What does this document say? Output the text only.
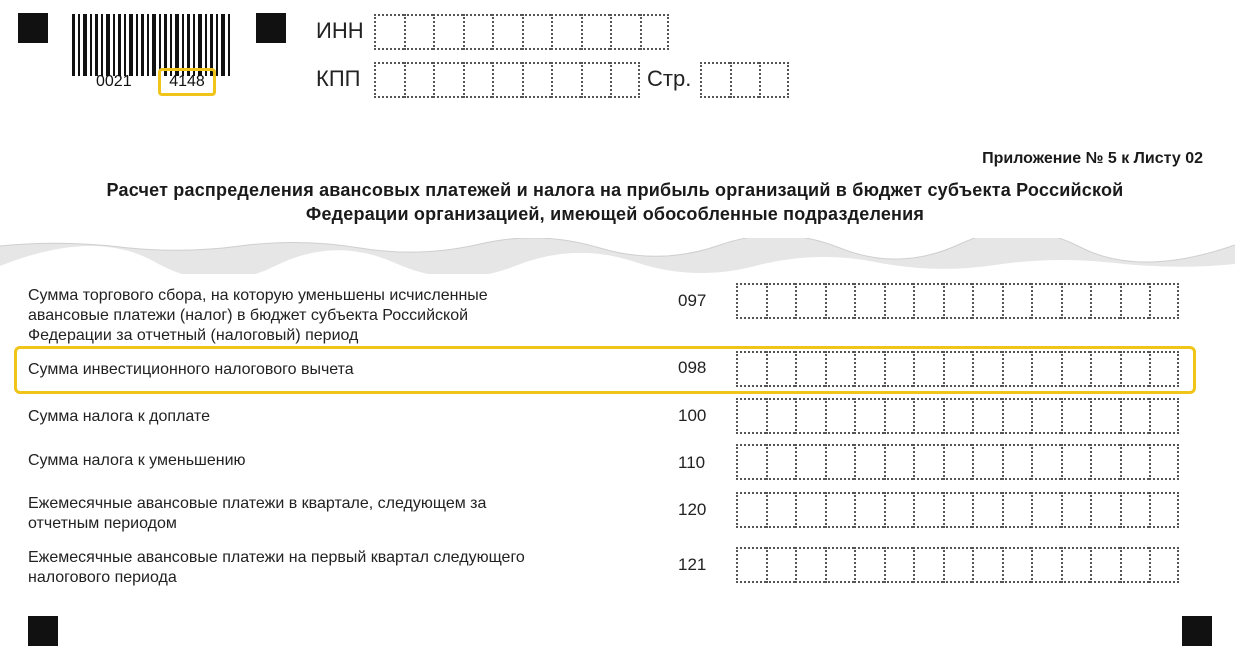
0021	4148
ИНН
КПП	Стр.
Приложение № 5 к Листу 02
Расчет распределения авансовых платежей и налога на прибыль организаций в бюджет субъекта Российской
Федерации организацией, имеющей обособленные подразделения
Сумма торгового сбора, на которую уменьшены исчисленные
авансовые платежи (налог) в бюджет субъекта Российской
Федерации за отчетный (налоговый) период
097
Сумма инвестиционного налогового вычета	098
Сумма налога к доплате	100
Сумма налога к уменьшению	110
Ежемесячные авансовые платежи в квартале, следующем за
отчетным периодом
120
Ежемесячные авансовые платежи на первый квартал следующего
налогового периода
121
